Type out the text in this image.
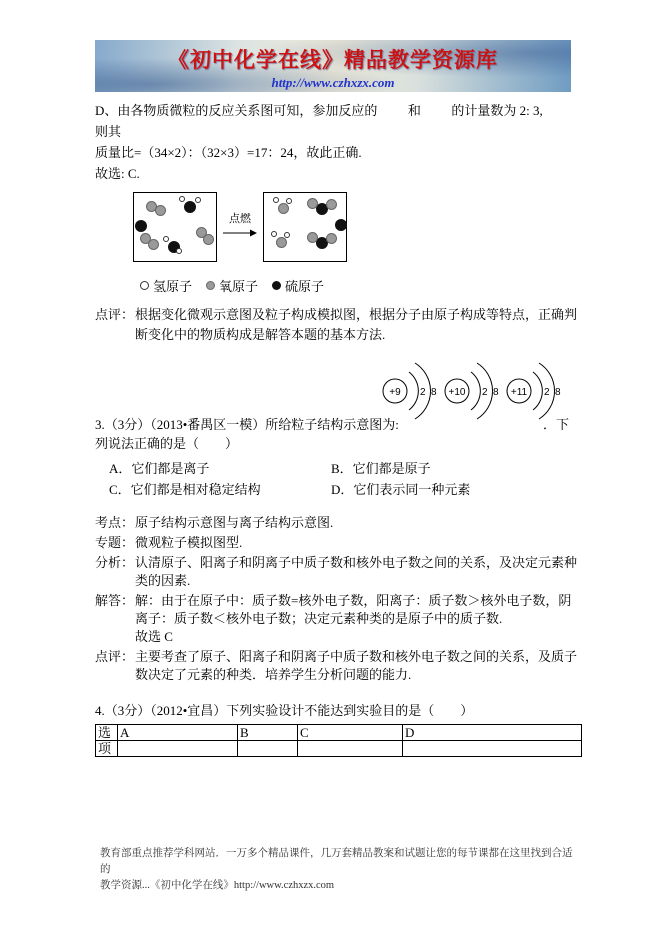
《初中化学在线》精品教学资源库
http://www.czhxzx.com

D、由各物质微粒的反应关系图可知，参加反应的 和 的计量数为 2: 3, 则其
质量比=（34×2）：（32×3）=17：24，故此正确.

故选: C.

点燃
氢原子 氧原子 硫原子
点评： 根据变化微观示意图及粒子构成模拟图，根据分子由原子构成等特点，正确判断变化中的物质构成是解答本题的基本方法.
+9 2 8 +10 2 8 +11 2 8
3.（3分）（2013•番禺区一模）所给粒子结构示意图为:	．下

列说法正确的是（　　）

A．它们都是离子	B．它们都是原子
C．它们都是相对稳定结构	D．它们表示同一种元素
考点： 原子结构示意图与离子结构示意图.
专题： 微观粒子模拟图型.
分析： 认清原子、阳离子和阴离子中质子数和核外电子数之间的关系，及决定元素种类的因素.
解答： 解：由于在原子中：质子数=核外电子数，阳离子：质子数＞核外电子数，阴离子：质子数＜核外电子数；决定元素种类的是原子中的质子数.
故选 C
点评： 主要考查了原子、阳离子和阴离子中质子数和核外电子数之间的关系，及质子数决定了元素的种类．培养学生分析问题的能力.

4.（3分）（2012•宜昌）下列实验设计不能达到实验目的是（　　）

选	A	B	C	D
项				
教育部重点推荐学科网站．一万多个精品课件，几万套精品教案和试题让您的每节课都在这里找到合适的
教学资源...《初中化学在线》http://www.czhxzx.com
